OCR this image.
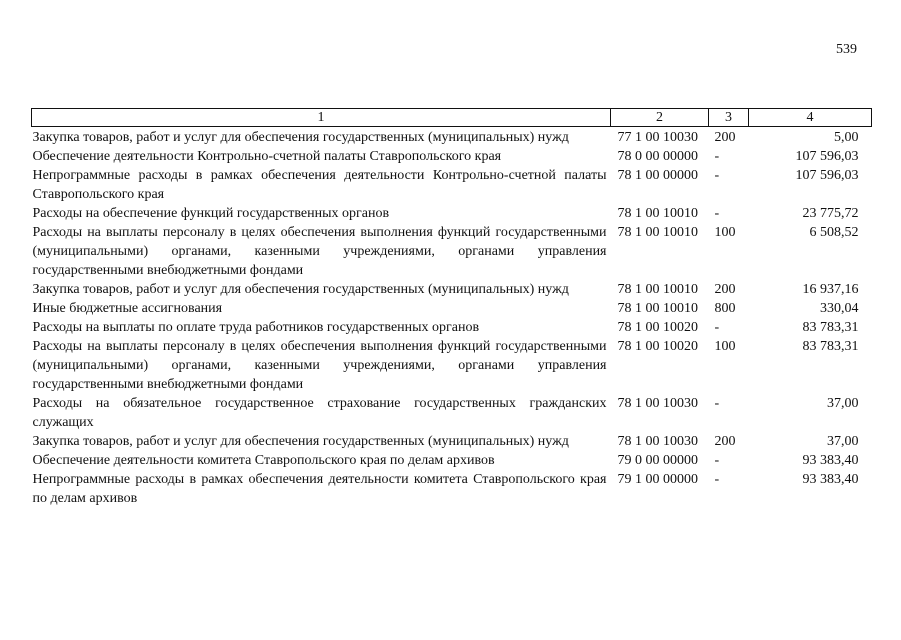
539
1	2	3	4
Закупка товаров, работ и услуг для обеспечения государственных (муниципальных) нужд	77 1 00 10030	200	5,00
Обеспечение деятельности Контрольно-счетной палаты Ставропольского края	78 0 00 00000	-	107 596,03
Непрограммные расходы в рамках обеспечения деятельности Контрольно-счетной палаты Ставропольского края	78 1 00 00000	-	107 596,03
Расходы на обеспечение функций государственных органов	78 1 00 10010	-	23 775,72
Расходы на выплаты персоналу в целях обеспечения выполнения функций государственными (муниципальными) органами, казенными учреждениями, органами управления государственными внебюджетными фондами	78 1 00 10010	100	6 508,52
Закупка товаров, работ и услуг для обеспечения государственных (муниципальных) нужд	78 1 00 10010	200	16 937,16
Иные бюджетные ассигнования	78 1 00 10010	800	330,04
Расходы на выплаты по оплате труда работников государственных органов	78 1 00 10020	-	83 783,31
Расходы на выплаты персоналу в целях обеспечения выполнения функций государственными (муниципальными) органами, казенными учреждениями, органами управления государственными внебюджетными фондами	78 1 00 10020	100	83 783,31
Расходы на обязательное государственное страхование государственных гражданских служащих	78 1 00 10030	-	37,00
Закупка товаров, работ и услуг для обеспечения государственных (муниципальных) нужд	78 1 00 10030	200	37,00
Обеспечение деятельности комитета Ставропольского края по делам архивов	79 0 00 00000	-	93 383,40
Непрограммные расходы в рамках обеспечения деятельности комитета Ставропольского края по делам архивов	79 1 00 00000	-	93 383,40
